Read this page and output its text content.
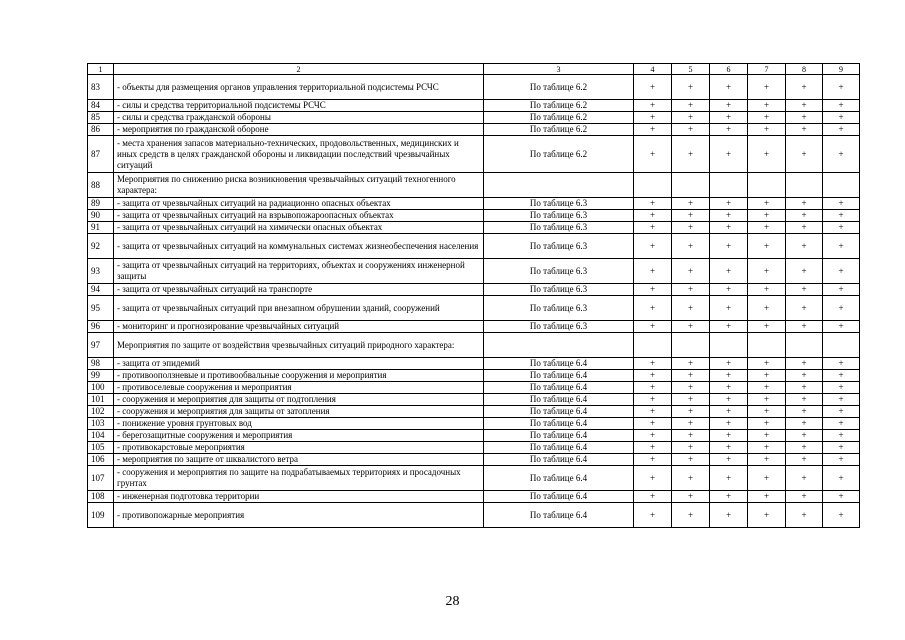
1	2	3	4	5	6	7	8	9
83	- объекты для размещения органов управления территориальной подсистемы РСЧС	По таблице 6.2	+	+	+	+	+	+
84	- силы и средства территориальной подсистемы РСЧС	По таблице 6.2	+	+	+	+	+	+
85	- силы и средства гражданской обороны	По таблице 6.2	+	+	+	+	+	+
86	- мероприятия по гражданской обороне	По таблице 6.2	+	+	+	+	+	+
87	- места хранения запасов материально-технических, продовольственных, медицинских и иных средств в целях гражданской обороны и ликвидации последствий чрезвычайных ситуаций	По таблице 6.2	+	+	+	+	+	+
88	Мероприятия по снижению риска возникновения чрезвычайных ситуаций техногенного характера:							
89	- защита от чрезвычайных ситуаций на радиационно опасных объектах	По таблице 6.3	+	+	+	+	+	+
90	- защита от чрезвычайных ситуаций на взрывопожароопасных объектах	По таблице 6.3	+	+	+	+	+	+
91	- защита от чрезвычайных ситуаций на химически опасных объектах	По таблице 6.3	+	+	+	+	+	+
92	- защита от чрезвычайных ситуаций на коммунальных системах жизнеобеспечения населения	По таблице 6.3	+	+	+	+	+	+
93	- защита от чрезвычайных ситуаций на территориях, объектах и сооружениях инженерной защиты	По таблице 6.3	+	+	+	+	+	+
94	- защита от чрезвычайных ситуаций на транспорте	По таблице 6.3	+	+	+	+	+	+
95	- защита от чрезвычайных ситуаций при внезапном обрушении зданий, сооружений	По таблице 6.3	+	+	+	+	+	+
96	- мониторинг и прогнозирование чрезвычайных ситуаций	По таблице 6.3	+	+	+	+	+	+
97	Мероприятия по защите от воздействия чрезвычайных ситуаций природного характера:							
98	- защита от эпидемий	По таблице 6.4	+	+	+	+	+	+
99	- противооползневые и противообвальные сооружения и мероприятия	По таблице 6.4	+	+	+	+	+	+
100	- противоселевые сооружения и мероприятия	По таблице 6.4	+	+	+	+	+	+
101	- сооружения и мероприятия для защиты от подтопления	По таблице 6.4	+	+	+	+	+	+
102	- сооружения и мероприятия для защиты от затопления	По таблице 6.4	+	+	+	+	+	+
103	- понижение уровня грунтовых вод	По таблице 6.4	+	+	+	+	+	+
104	- берегозащитные сооружения и мероприятия	По таблице 6.4	+	+	+	+	+	+
105	- противокарстовые мероприятия	По таблице 6.4	+	+	+	+	+	+
106	- мероприятия по защите от шквалистого ветра	По таблице 6.4	+	+	+	+	+	+
107	- сооружения и мероприятия по защите на подрабатываемых территориях и просадочных грунтах	По таблице 6.4	+	+	+	+	+	+
108	- инженерная подготовка территории	По таблице 6.4	+	+	+	+	+	+
109	- противопожарные мероприятия	По таблице 6.4	+	+	+	+	+	+
28
